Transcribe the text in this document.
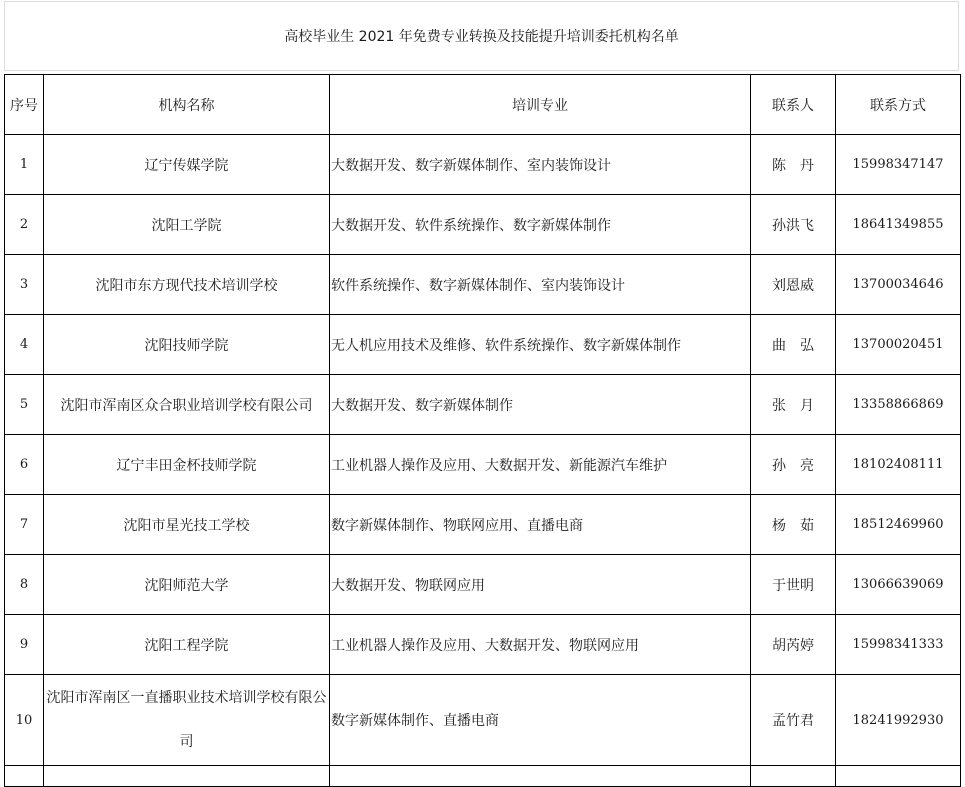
高校毕业生 2021 年免费专业转换及技能提升培训委托机构名单
序号	机构名称	培训专业	联系人	联系方式
1	辽宁传媒学院	大数据开发、数字新媒体制作、室内装饰设计	陈　丹	15998347147
2	沈阳工学院	大数据开发、软件系统操作、数字新媒体制作	孙洪飞	18641349855
3	沈阳市东方现代技术培训学校	软件系统操作、数字新媒体制作、室内装饰设计	刘恩威	13700034646
4	沈阳技师学院	无人机应用技术及维修、软件系统操作、数字新媒体制作	曲　弘	13700020451
5	沈阳市浑南区众合职业培训学校有限公司	大数据开发、数字新媒体制作	张　月	13358866869
6	辽宁丰田金杯技师学院	工业机器人操作及应用、大数据开发、新能源汽车维护	孙　亮	18102408111
7	沈阳市星光技工学校	数字新媒体制作、物联网应用、直播电商	杨　茹	18512469960
8	沈阳师范大学	大数据开发、物联网应用	于世明	13066639069
9	沈阳工程学院	工业机器人操作及应用、大数据开发、物联网应用	胡芮婷	15998341333
10	沈阳市浑南区一直播职业技术培训学校有限公司	数字新媒体制作、直播电商	孟竹君	18241992930
